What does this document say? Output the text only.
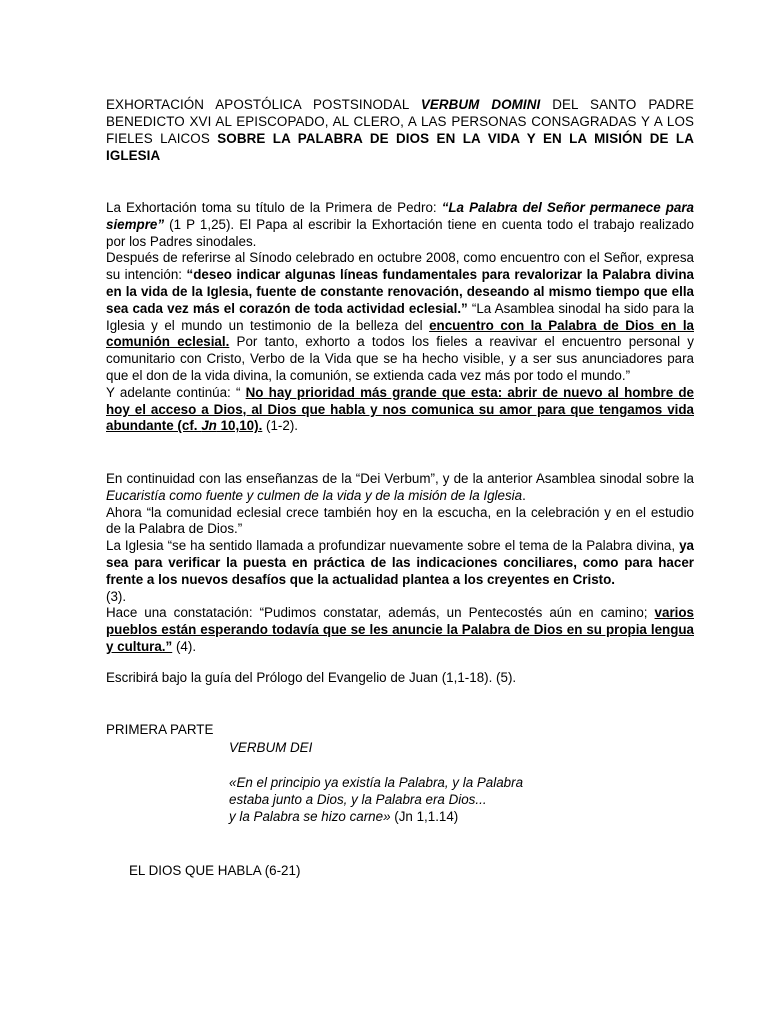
EXHORTACIÓN APOSTÓLICA POSTSINODAL VERBUM DOMINI DEL SANTO PADRE BENEDICTO XVI AL EPISCOPADO, AL CLERO, A LAS PERSONAS CONSAGRADAS Y A LOS FIELES LAICOS SOBRE LA PALABRA DE DIOS EN LA VIDA Y EN LA MISIÓN DE LA IGLESIA

La Exhortación toma su título de la Primera de Pedro: “La Palabra del Señor permanece para siempre” (1 P 1,25). El Papa al escribir la Exhortación tiene en cuenta todo el trabajo realizado por los Padres sinodales.

Después de referirse al Sínodo celebrado en octubre 2008, como encuentro con el Señor, expresa su intención: “deseo indicar algunas líneas fundamentales para revalorizar la Palabra divina en la vida de la Iglesia, fuente de constante renovación, deseando al mismo tiempo que ella sea cada vez más el corazón de toda actividad eclesial.” “La Asamblea sinodal ha sido para la Iglesia y el mundo un testimonio de la belleza del encuentro con la Palabra de Dios en la comunión eclesial. Por tanto, exhorto a todos los fieles a reavivar el encuentro personal y comunitario con Cristo, Verbo de la Vida que se ha hecho visible, y a ser sus anunciadores para que el don de la vida divina, la comunión, se extienda cada vez más por todo el mundo.”

Y adelante continúa: “ No hay prioridad más grande que esta: abrir de nuevo al hombre de hoy el acceso a Dios, al Dios que habla y nos comunica su amor para que tengamos vida abundante (cf. Jn 10,10). (1-2).

En continuidad con las enseñanzas de la “Dei Verbum”, y de la anterior Asamblea sinodal sobre la Eucaristía como fuente y culmen de la vida y de la misión de la Iglesia.

Ahora “la comunidad eclesial crece también hoy en la escucha, en la celebración y en el estudio de la Palabra de Dios.”

La Iglesia “se ha sentido llamada a profundizar nuevamente sobre el tema de la Palabra divina, ya sea para verificar la puesta en práctica de las indicaciones conciliares, como para hacer frente a los nuevos desafíos que la actualidad plantea a los creyentes en Cristo.

(3).

Hace una constatación: “Pudimos constatar, además, un Pentecostés aún en camino; varios pueblos están esperando todavía que se les anuncie la Palabra de Dios en su propia lengua y cultura.” (4).

Escribirá bajo la guía del Prólogo del Evangelio de Juan (1,1-18). (5).

PRIMERA PARTE
VERBUM DEI
«En el principio ya existía la Palabra, y la Palabra
estaba junto a Dios, y la Palabra era Dios...
y la Palabra se hizo carne» (Jn 1,1.14)
EL DIOS QUE HABLA (6-21)
